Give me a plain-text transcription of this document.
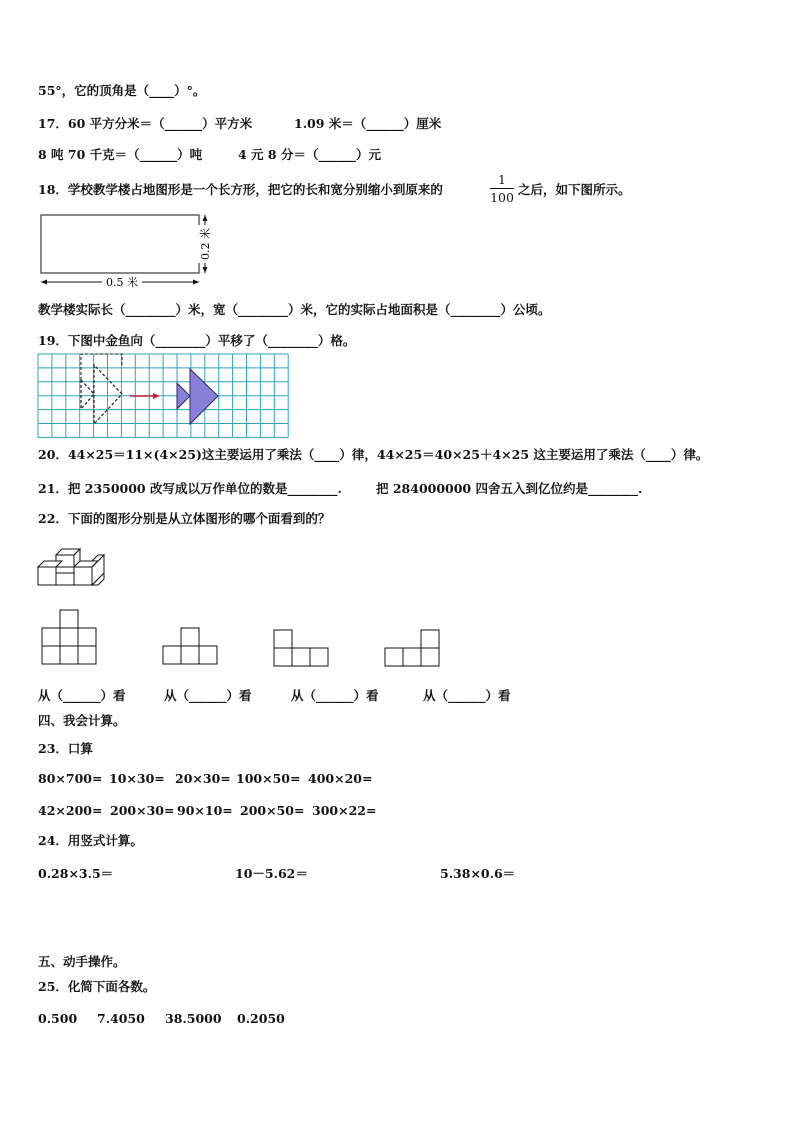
55°，它的顶角是（____）°。
17．60 平方分米＝（______）平方米	1.09 米＝（______）厘米
8 吨 70 千克＝（______）吨	4 元 8 分＝（______）元
18．学校教学楼占地图形是一个长方形，把它的长和宽分别缩小到原来的
1
100
之后，如下图所示。
0.5 米
0.2 米
教学楼实际长（________）米，宽（________）米，它的实际占地面积是（________）公顷。
19．下图中金鱼向（________）平移了（________）格。
20．44×25＝11×(4×25)这主要运用了乘法（____）律，44×25＝40×25＋4×25 这主要运用了乘法（____）律。
21．把 2350000 改写成以万作单位的数是________.	把 284000000 四舍五入到亿位约是________.
22．下面的图形分别是从立体图形的哪个面看到的？
从（______）看	从（______）看	从（______）看	从（______）看
四、我会计算。
23．口算
80×700= 10×30= 20×30= 100×50= 400×20=
42×200= 200×30= 90×10= 200×50= 300×22=
24．用竖式计算。
0.28×3.5＝	10－5.62＝	5.38×0.6＝
五、动手操作。
25．化简下面各数。
0.500 7.4050 38.5000 0.2050
